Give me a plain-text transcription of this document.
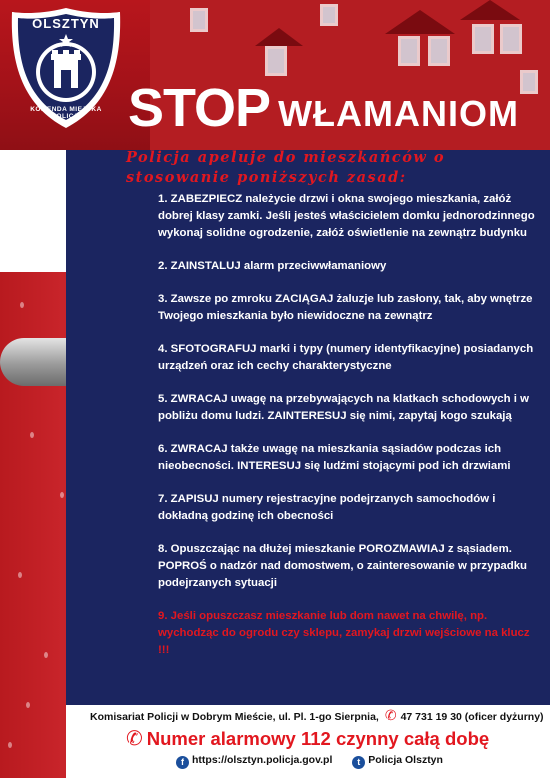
OLSZTYN
KOMENDA MIEJSKA POLICJI STOP WŁAMANIOM
Policja apeluje do mieszkańców o stosowanie poniższych zasad:

1. ZABEZPIECZ należycie drzwi i okna swojego mieszkania, załóż dobrej klasy zamki. Jeśli jesteś właścicielem domku jednorodzinnego wykonaj solidne ogrodzenie, załóż oświetlenie na zewnątrz budynku

2. ZAINSTALUJ alarm przeciwwłamaniowy

3. Zawsze po zmroku ZACIĄGAJ żaluzje lub zasłony, tak, aby wnętrze Twojego mieszkania było niewidoczne na zewnątrz

4. SFOTOGRAFUJ marki i typy (numery identyfikacyjne) posiadanych urządzeń oraz ich cechy charakterystyczne

5. ZWRACAJ uwagę na przebywających na klatkach schodowych i w pobliżu domu ludzi. ZAINTERESUJ się nimi, zapytaj kogo szukają

6. ZWRACAJ także uwagę na mieszkania sąsiadów podczas ich nieobecności. INTERESUJ się ludźmi stojącymi pod ich drzwiami

7. ZAPISUJ numery rejestracyjne podejrzanych samochodów i dokładną godzinę ich obecności

8. Opuszczając na dłużej mieszkanie POROZMAWIAJ z sąsiadem. POPROŚ o nadzór nad domostwem, o zainteresowanie w przypadku podejrzanych sytuacji

9. Jeśli opuszczasz mieszkanie lub dom nawet na chwilę, np. wychodząc do ogrodu czy sklepu, zamykaj drzwi wejściowe na klucz !!!

Komisariat Policji w Dobrym Mieście, ul. Pl. 1-go Sierpnia, ✆ 47 731 19 30 (oficer dyżurny)
✆ Numer alarmowy 112 czynny całą dobę
f https://olsztyn.policja.gov.pl	t Policja Olsztyn
